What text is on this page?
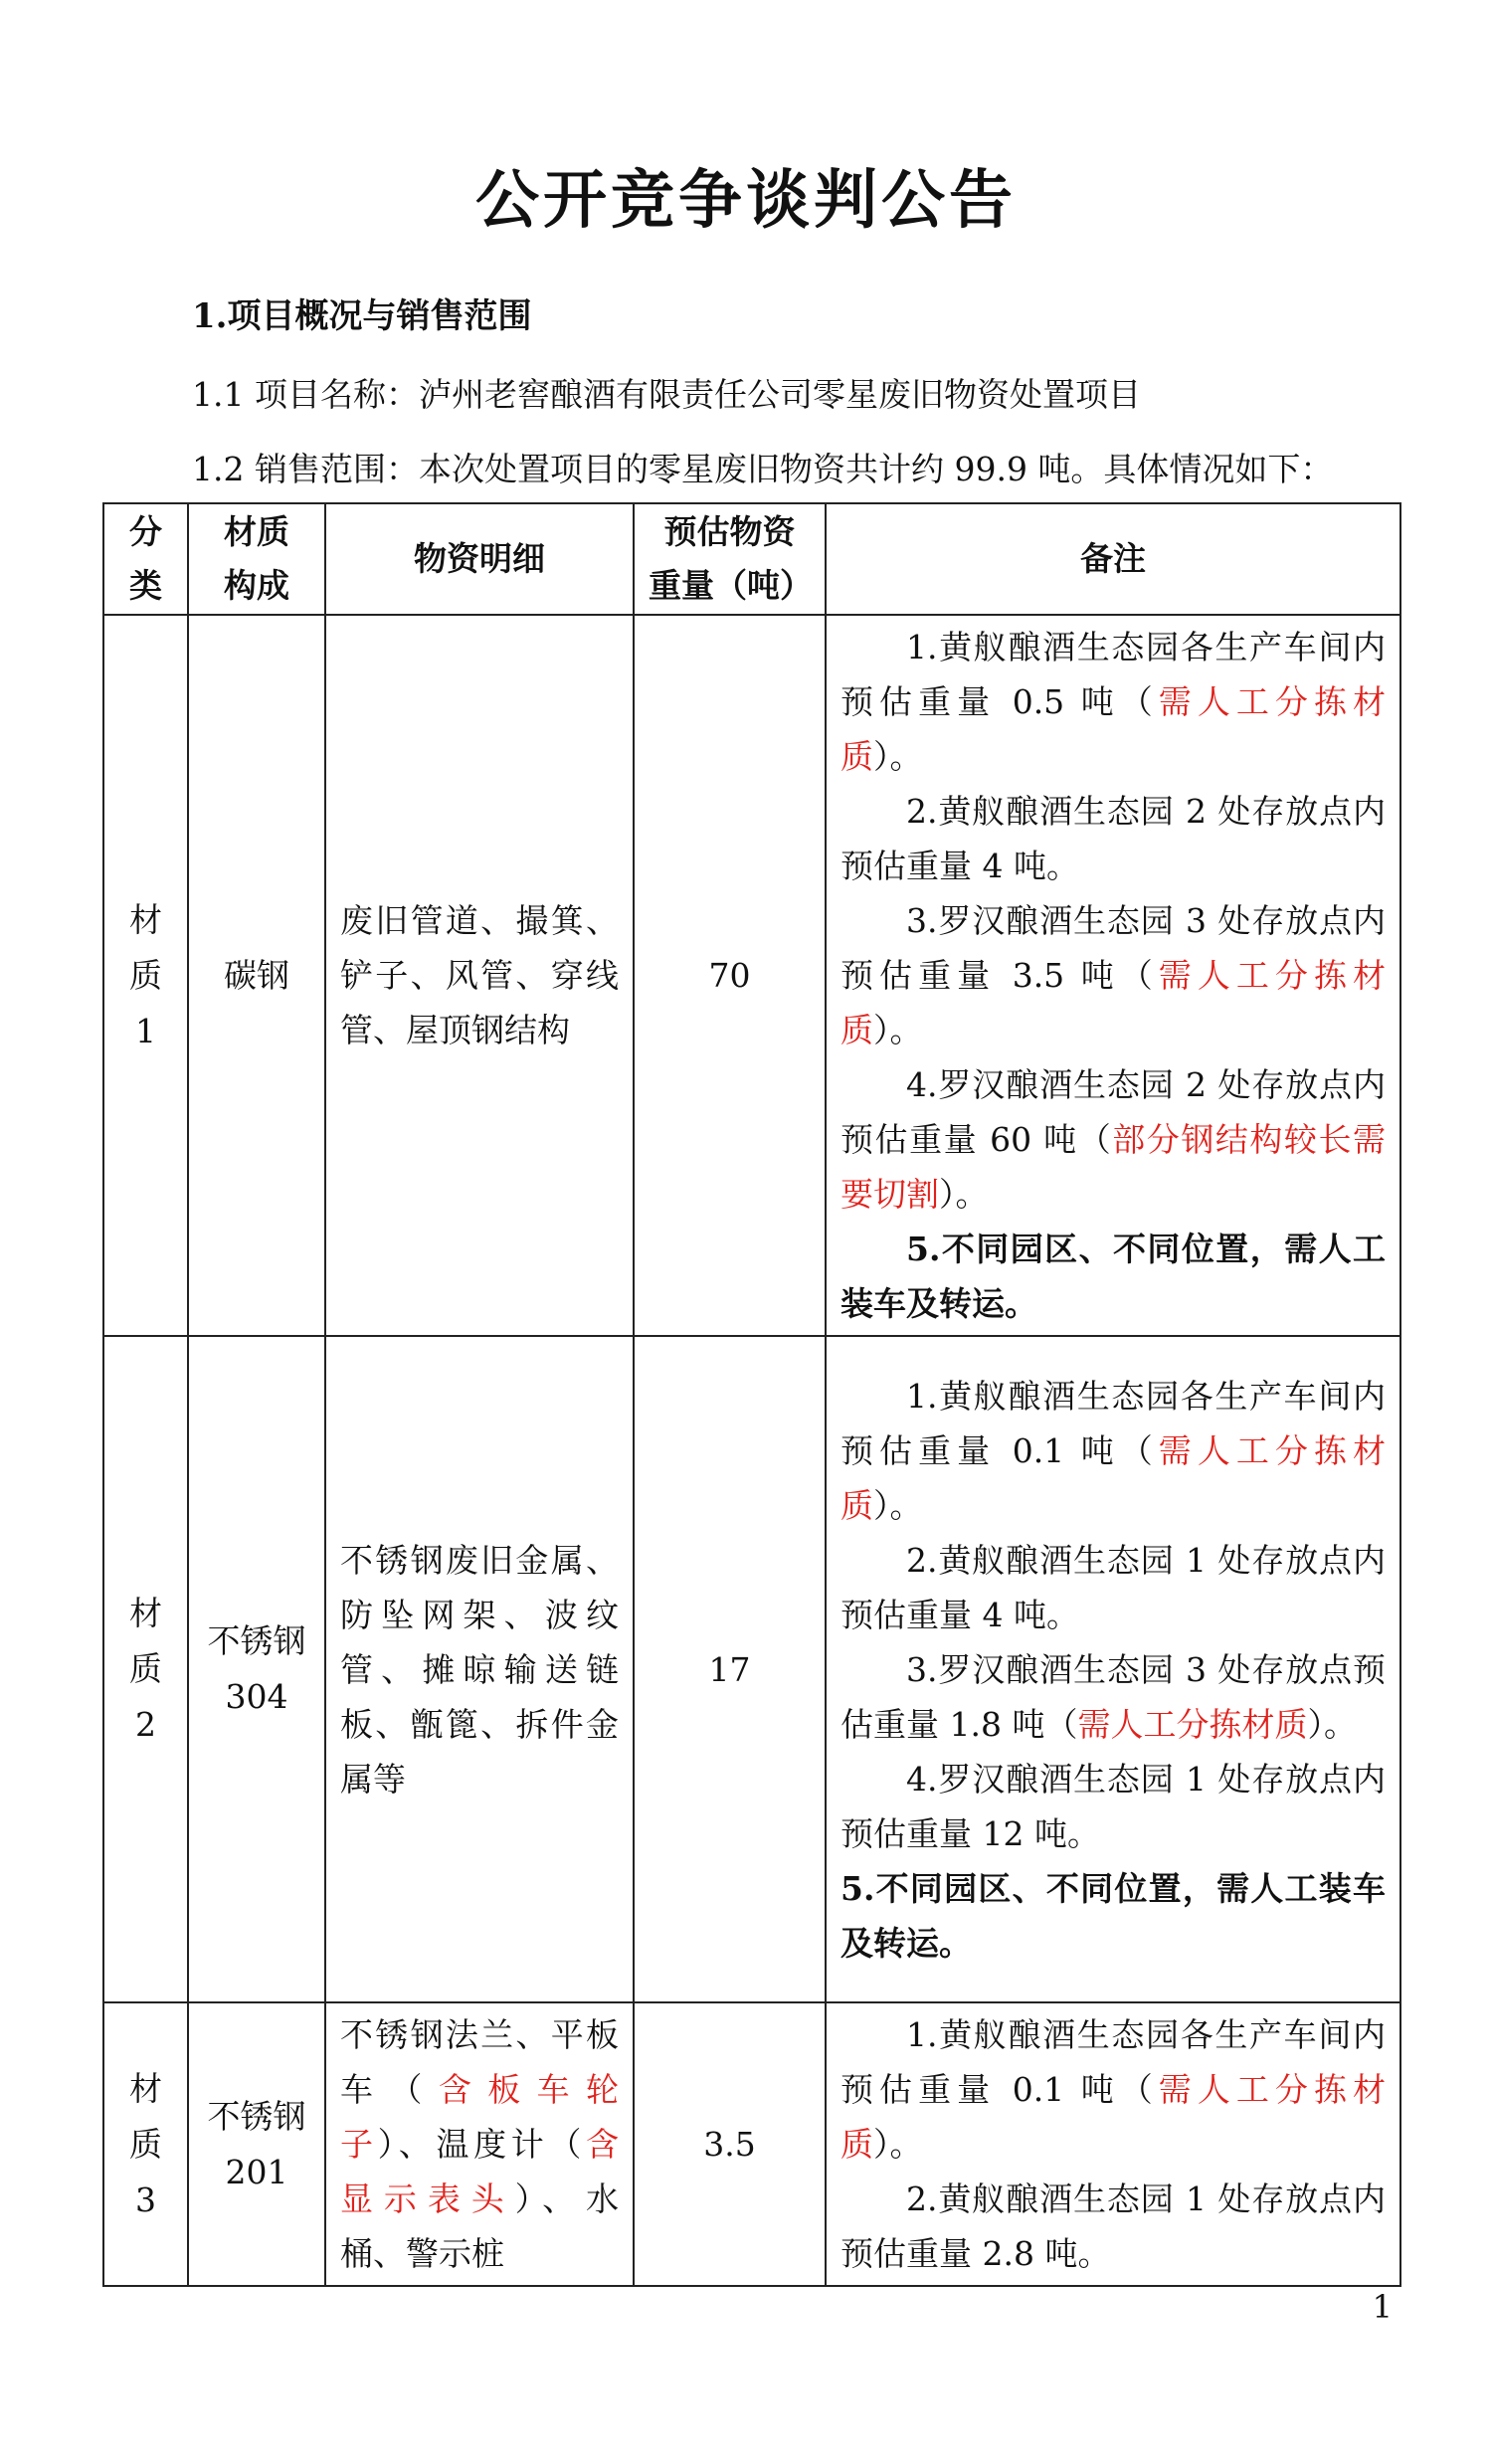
公开竞争谈判公告
1.项目概况与销售范围
1.1 项目名称：泸州老窖酿酒有限责任公司零星废旧物资处置项目
1.2 销售范围：本次处置项目的零星废旧物资共计约 99.9 吨。具体情况如下：
分类	材质构成	物资明细	预估物资重量（吨）	备注
材质1	碳钢	废旧管道、撮箕、铲子、风管、穿线管、屋顶钢结构	70	1.黄舣酿酒生态园各生产车间内预估重量 0.5 吨（需人工分拣材质）。
2.黄舣酿酒生态园 2 处存放点内预估重量 4 吨。
3.罗汉酿酒生态园 3 处存放点内预估重量 3.5 吨（需人工分拣材质）。
4.罗汉酿酒生态园 2 处存放点内预估重量 60 吨（部分钢结构较长需要切割）。
5.不同园区、不同位置，需人工装车及转运。

材质2	不锈钢 304	不锈钢废旧金属、防坠网架、波纹管、摊晾输送链板、甑篦、拆件金属等	17	1.黄舣酿酒生态园各生产车间内预估重量 0.1 吨（需人工分拣材质）。
2.黄舣酿酒生态园 1 处存放点内预估重量 4 吨。
3.罗汉酿酒生态园 3 处存放点预估重量 1.8 吨（需人工分拣材质）。
4.罗汉酿酒生态园 1 处存放点内预估重量 12 吨。
5.不同园区、不同位置，需人工装车及转运。

材质3	不锈钢 201	不锈钢法兰、平板车（含板车轮子）、温度计（含显示表头）、水桶、警示桩	3.5	1.黄舣酿酒生态园各生产车间内预估重量 0.1 吨（需人工分拣材质）。
2.黄舣酿酒生态园 1 处存放点内预估重量 2.8 吨。
1
